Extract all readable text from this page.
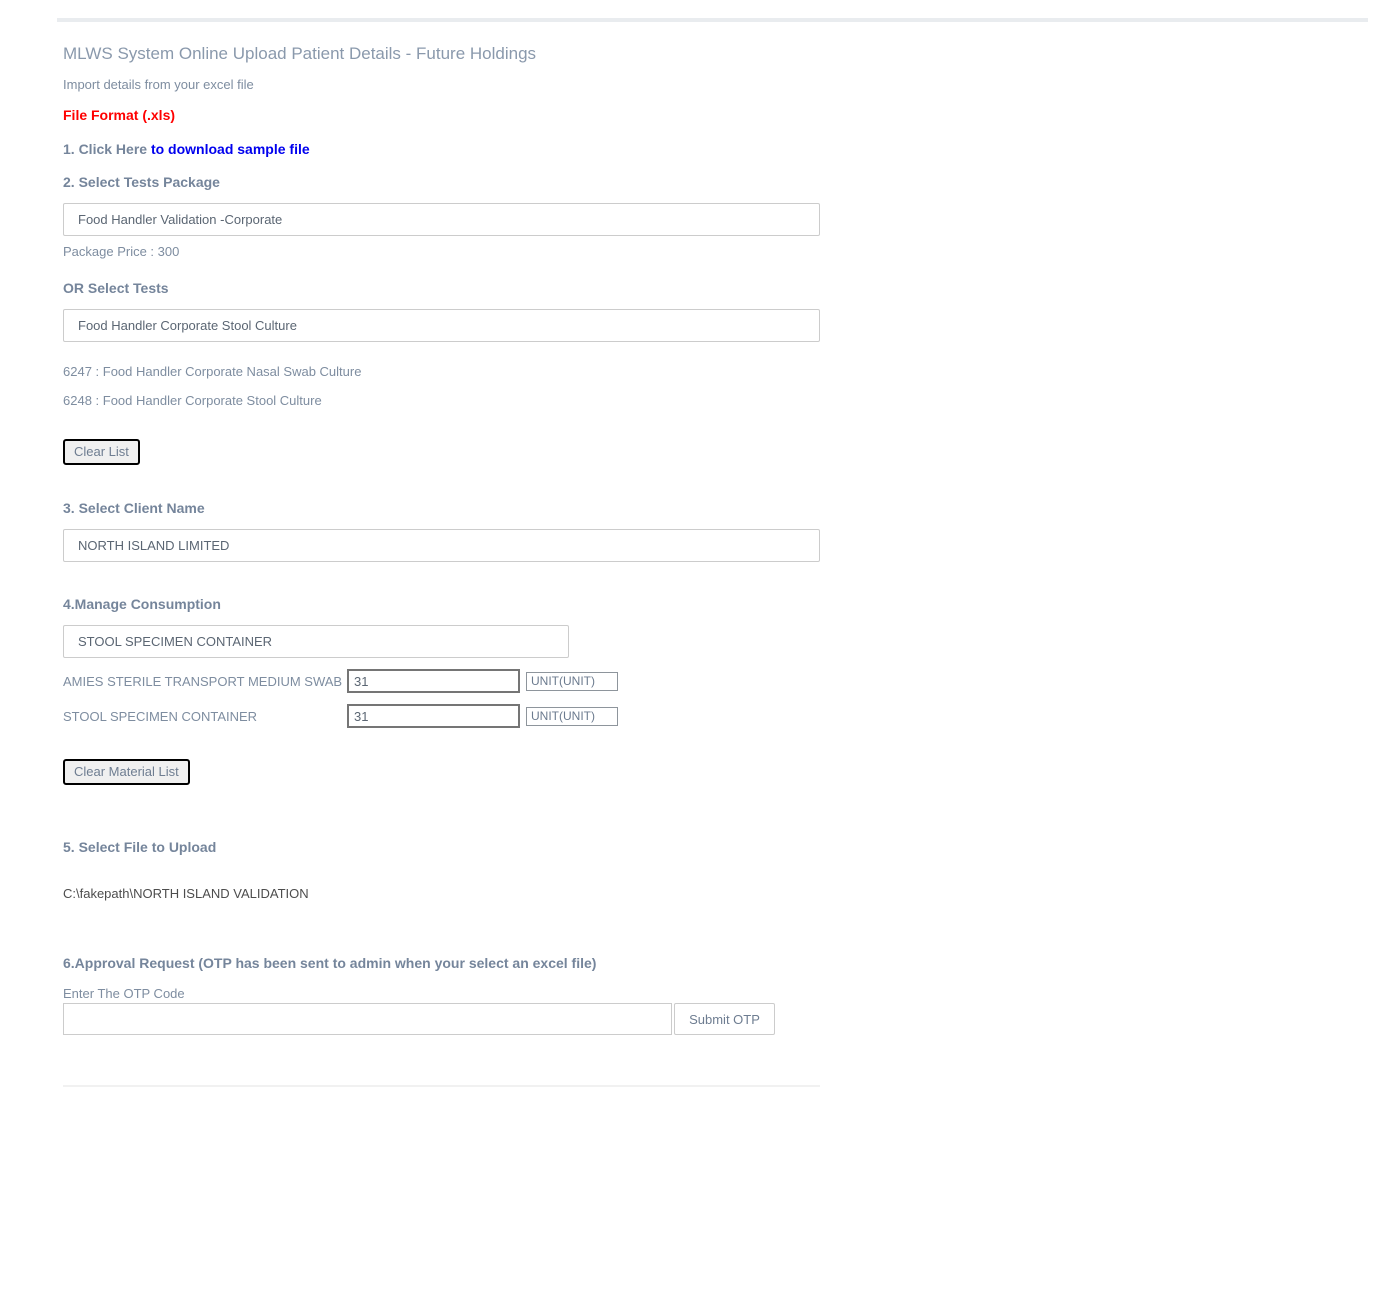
MLWS System Online Upload Patient Details - Future Holdings
Import details from your excel file
File Format (.xls)
1. Click Here to download sample file
2. Select Tests Package
Food Handler Validation -Corporate
Package Price : 300
OR Select Tests
Food Handler Corporate Stool Culture
6247 : Food Handler Corporate Nasal Swab Culture
6248 : Food Handler Corporate Stool Culture
Clear List
3. Select Client Name
NORTH ISLAND LIMITED
4.Manage Consumption
STOOL SPECIMEN CONTAINER
AMIES STERILE TRANSPORT MEDIUM SWAB
31	UNIT(UNIT)
STOOL SPECIMEN CONTAINER
31	UNIT(UNIT)
Clear Material List
5. Select File to Upload
C:\fakepath\NORTH ISLAND VALIDATION
6.Approval Request (OTP has been sent to admin when your select an excel file)
Enter The OTP Code
Submit OTP
